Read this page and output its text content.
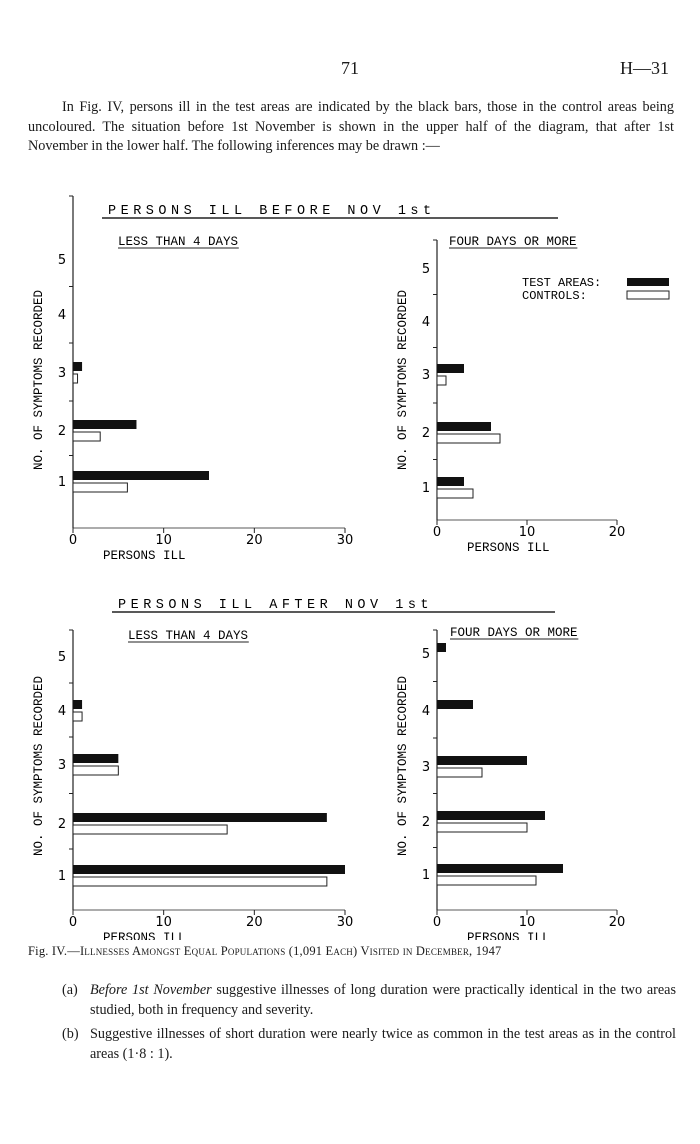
71	H—31
In Fig. IV, persons ill in the test areas are indicated by the black bars, those in the control areas being uncoloured. The situation before 1st November is shown in the upper half of the diagram, that after 1st November in the lower half. The following inferences may be drawn :—
PERSONS ILL BEFORE NOV 1st
PERSONS ILL AFTER NOV 1st
TEST AREAS:
CONTROLS:
LESS THAN 4 DAYS
1
2
3
4
5
0	10	20	30
PERSONS ILL
NO. OF SYMPTOMS RECORDED
FOUR DAYS OR MORE
1
2
3
4
5
0	10	20
PERSONS ILL
NO. OF SYMPTOMS RECORDED
LESS THAN 4 DAYS
1
2
3
4
5
0	10	20	30
PERSONS ILL
NO. OF SYMPTOMS RECORDED
FOUR DAYS OR MORE
1
2
3
4
5
0	10	20
PERSONS ILL
NO. OF SYMPTOMS RECORDED
Fig. IV.—Illnesses Amongst Equal Populations (1,091 Each) Visited in December, 1947
(a) Before 1st November suggestive illnesses of long duration were practically identical in the two areas studied, both in frequency and severity.
(b) Suggestive illnesses of short duration were nearly twice as common in the test areas as in the control areas (1·8 : 1).
